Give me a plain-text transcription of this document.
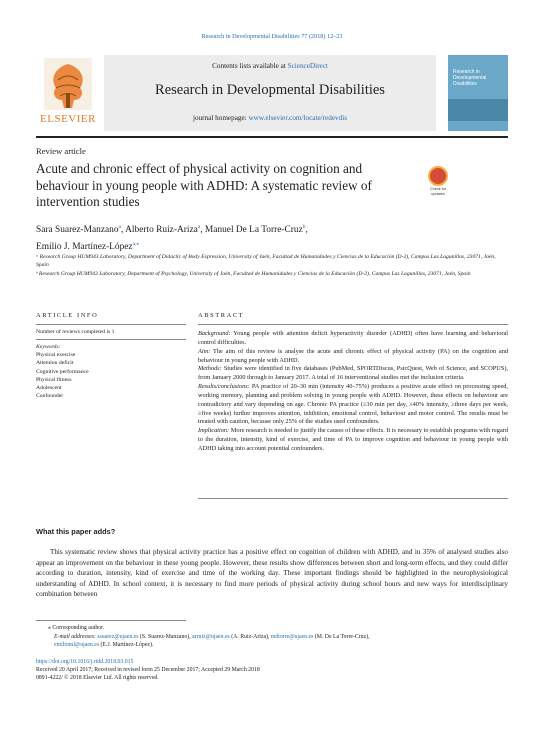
Research in Developmental Disabilities 77 (2018) 12–23
ELSEVIER
Contents lists available at ScienceDirect
Research in Developmental Disabilities
journal homepage: www.elsevier.com/locate/redevdis
Research in Developmental Disabilities
Review article
Acute and chronic effect of physical activity on cognition and behaviour in young people with ADHD: A systematic review of intervention studies
Check for updates
Sara Suarez-Manzano$^a$, Alberto Ruiz-Ariza$^a$, Manuel De La Torre-Cruz$^b$,
Emilio J. Martínez-López$^{a,⁎}$

ᵃ Research Group HUM943 Laboratory, Department of Didactic of Body Expression, University of Jaén, Facultad de Humanidades y Ciencias de la Educación (D-2), Campus Las Lagunillas, 23071, Jaén, Spain

ᵇ Research Group HUM943 Laboratory, Department of Psychology, University of Jaén, Facultad de Humanidades y Ciencias de la Educación (D-2), Campus Las Lagunillas, 23071, Jaén, Spain

ARTICLE INFO	ABSTRACT
Number of reviews completed is 1
Keywords:
Physical exercise
Attention deficit
Cognitive performance
Physical fitness
Adolescent
Confounder

Background: Young people with attention deficit hyperactivity disorder (ADHD) often have learning and behavioral control difficulties.

Aim: The aim of this review is analyse the acute and chronic effect of physical activity (PA) on the cognition and behaviour in young people with ADHD.

Methods: Studies were identified in five databases (PubMed, SPORTDiscus, PsicQuest, Web of Science, and SCOPUS), from January 2000 through to January 2017. A total of 16 interventional studies met the inclusion criteria.

Results/conclusions: PA practice of 20–30 min (intensity 40–75%) produces a positive acute effect on processing speed, working memory, planning and problem solving in young people with ADHD. However, these effects on behaviour are contradictory and vary depending on age. Chronic PA practice (≥30 min per day, ≥40% intensity, ≥three days per week, ≥five weeks) further improves attention, inhibition, emotional control, behaviour and motor control. The results must be treated with caution, because only 25% of the studies used confounders.

Implication: More research is needed to justify the causes of these effects. It is necessary to establish programs with regard to the duration, intensity, kind of exercise, and time of PA to improve cognition and behaviour in young people with ADHD taking into account potential confounders.

What this paper adds?
This systematic review shows that physical activity practice has a positive effect on cognition of children with ADHD, and in 35% of analysed studies also appear an improvement on the behaviour in these young people. However, these results show differences between short and long-term effects, and they could differ according to duration, intensity, kind of exercise and time of the working day. These important findings should be highlighted in the neurophysiological understanding of ADHD. In school context, it is necessary to find more periods of physical activity during school hours and new ways for interdisciplinary combination between
⁎ Corresponding author.
E-mail addresses: ssuarez@ujaen.es (S. Suarez-Manzano), arruiz@ujaen.es (A. Ruiz-Ariza), mdtorre@ujaen.es (M. De La Torre-Cruz),
emilioml@ujaen.es (E.J. Martínez-López).
https://doi.org/10.1016/j.ridd.2018.03.015
Received 20 April 2017; Received in revised form 25 December 2017; Accepted 29 March 2018
0891-4222/ © 2018 Elsevier Ltd. All rights reserved.
